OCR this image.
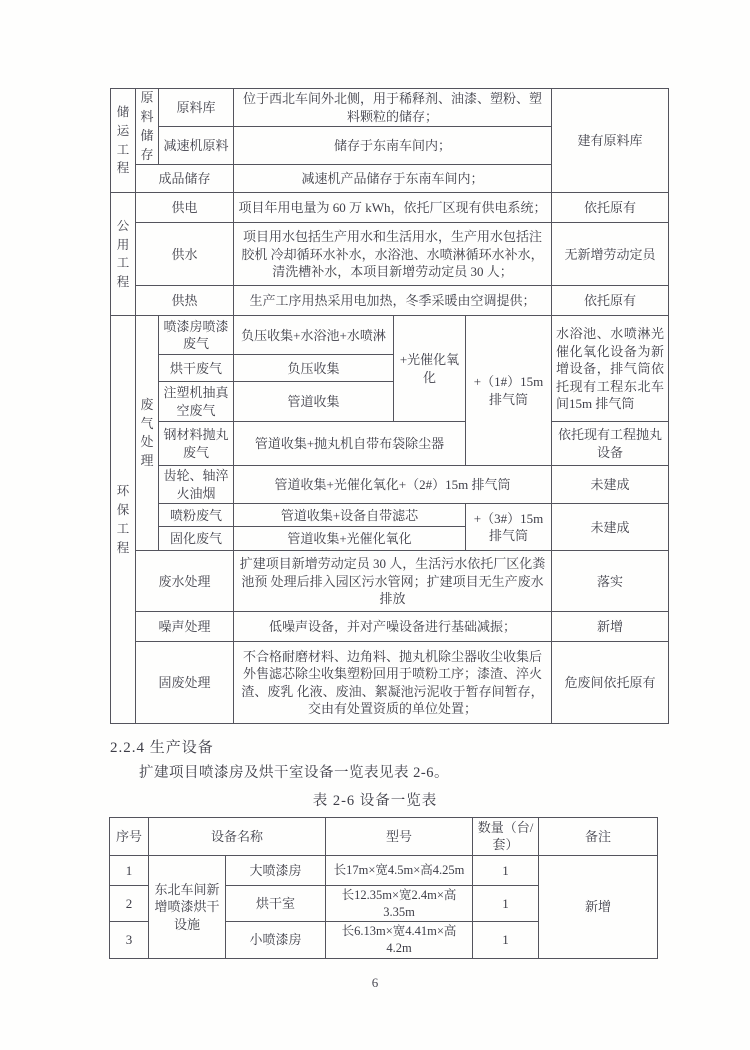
储运工程	原料储存	原料库	位于西北车间外北侧，用于稀释剂、油漆、塑粉、塑料颗粒的储存；			建有原料库
		减速机原料	储存于东南车间内；			
	成品储存		减速机产品储存于东南车间内；			
公用工程	供电		项目年用电量为 60 万 kWh，依托厂区现有供电系统；			依托原有
	供水		项目用水包括生产用水和生活用水，生产用水包括注胶机 冷却循环水补水，水浴池、水喷淋循环水补水，清洗槽补水，本项目新增劳动定员 30 人；			无新增劳动定员
	供热		生产工序用热采用电加热，冬季采暖由空调提供；			依托原有
环保工程	废气处理	喷漆房喷漆废气	负压收集+水浴池+水喷淋	+光催化氧化	+（1#）15m 排气筒	水浴池、水喷淋光催化氧化设备为新增设备，排气筒依托现有工程东北车间15m 排气筒
		烘干废气	负压收集			
		注塑机抽真空废气	管道收集			
		钢材料抛丸废气	管道收集+抛丸机自带布袋除尘器			依托现有工程抛丸设备
		齿轮、轴淬火油烟	管道收集+光催化氧化+（2#）15m 排气筒			未建成
		喷粉废气	管道收集+设备自带滤芯		+（3#）15m 排气筒	未建成
		固化废气	管道收集+光催化氧化			
	废水处理		扩建项目新增劳动定员 30 人，生活污水依托厂区化粪池预 处理后排入园区污水管网；扩建项目无生产废水排放			落实
	噪声处理		低噪声设备，并对产噪设备进行基础减振；			新增
	固废处理		不合格耐磨材料、边角料、抛丸机除尘器收尘收集后外售滤芯除尘收集塑粉回用于喷粉工序；漆渣、淬火渣、废乳 化液、废油、絮凝池污泥收于暂存间暂存，交由有处置资质的单位处置；			危废间依托原有
2.2.4 生产设备
扩建项目喷漆房及烘干室设备一览表见表 2-6。
表 2-6 设备一览表
序号	设备名称		型号	数量（台/套）	备注
1	东北车间新增喷漆烘干设施	大喷漆房	长17m×宽4.5m×高4.25m	1	新增
2		烘干室	长12.35m×宽2.4m×高3.35m	1	
3		小喷漆房	长6.13m×宽4.41m×高4.2m	1	
6
